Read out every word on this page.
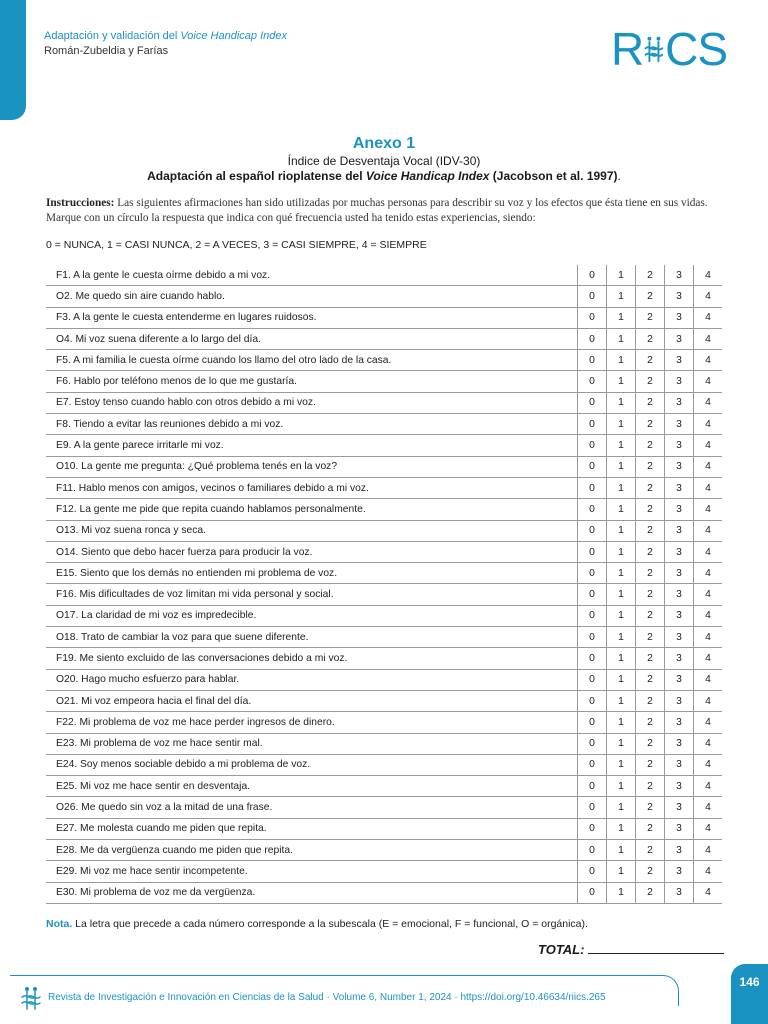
Adaptación y validación del Voice Handicap Index
Román-Zubeldia y Farías	R CS
Anexo 1
Índice de Desventaja Vocal (IDV-30)
Adaptación al español rioplatense del Voice Handicap Index (Jacobson et al. 1997).
Instrucciones: Las siguientes afirmaciones han sido utilizadas por muchas personas para describir su voz y los efectos que ésta tiene en sus vidas. Marque con un círculo la respuesta que indica con qué frecuencia usted ha tenido estas experiencias, siendo:
0 = NUNCA, 1 = CASI NUNCA, 2 = A VECES, 3 = CASI SIEMPRE, 4 = SIEMPRE
F1. A la gente le cuesta oírme debido a mi voz.	0	1	2	3	4
O2. Me quedo sin aire cuando hablo.	0	1	2	3	4
F3. A la gente le cuesta entenderme en lugares ruidosos.	0	1	2	3	4
O4. Mi voz suena diferente a lo largo del día.	0	1	2	3	4
F5. A mi familia le cuesta oírme cuando los llamo del otro lado de la casa.	0	1	2	3	4
F6. Hablo por teléfono menos de lo que me gustaría.	0	1	2	3	4
E7. Estoy tenso cuando hablo con otros debido a mi voz.	0	1	2	3	4
F8. Tiendo a evitar las reuniones debido a mi voz.	0	1	2	3	4
E9. A la gente parece irritarle mi voz.	0	1	2	3	4
O10. La gente me pregunta: ¿Qué problema tenés en la voz?	0	1	2	3	4
F11. Hablo menos con amigos, vecinos o familiares debido a mi voz.	0	1	2	3	4
F12. La gente me pide que repita cuando hablamos personalmente.	0	1	2	3	4
O13. Mi voz suena ronca y seca.	0	1	2	3	4
O14. Siento que debo hacer fuerza para producir la voz.	0	1	2	3	4
E15. Siento que los demás no entienden mi problema de voz.	0	1	2	3	4
F16. Mis dificultades de voz limitan mi vida personal y social.	0	1	2	3	4
O17. La claridad de mi voz es impredecible.	0	1	2	3	4
O18. Trato de cambiar la voz para que suene diferente.	0	1	2	3	4
F19. Me siento excluido de las conversaciones debido a mi voz.	0	1	2	3	4
O20. Hago mucho esfuerzo para hablar.	0	1	2	3	4
O21. Mi voz empeora hacia el final del día.	0	1	2	3	4
F22. Mi problema de voz me hace perder ingresos de dinero.	0	1	2	3	4
E23. Mi problema de voz me hace sentir mal.	0	1	2	3	4
E24. Soy menos sociable debido a mi problema de voz.	0	1	2	3	4
E25. Mi voz me hace sentir en desventaja.	0	1	2	3	4
O26. Me quedo sin voz a la mitad de una frase.	0	1	2	3	4
E27. Me molesta cuando me piden que repita.	0	1	2	3	4
E28. Me da vergüenza cuando me piden que repita.	0	1	2	3	4
E29. Mi voz me hace sentir incompetente.	0	1	2	3	4
E30. Mi problema de voz me da vergüenza.	0	1	2	3	4
Nota. La letra que precede a cada número corresponde a la subescala (E = emocional, F = funcional, O = orgánica).
TOTAL:
Revista de Investigación e Innovación en Ciencias de la Salud · Volume 6, Number 1, 2024 · https://doi.org/10.46634/riics.265
146
